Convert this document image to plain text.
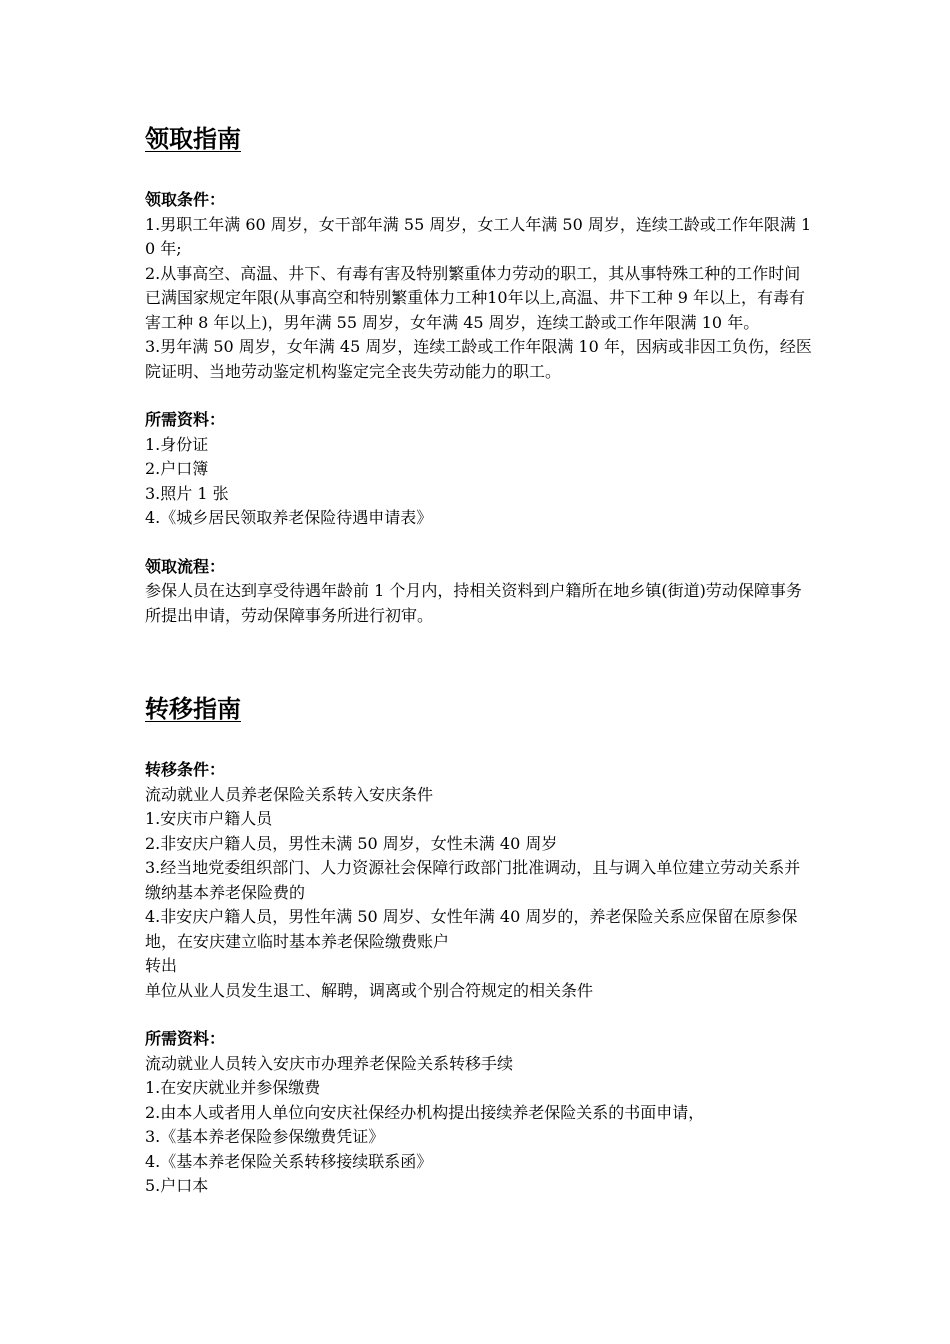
领取指南
领取条件：
1.男职工年满 60 周岁，女干部年满 55 周岁，女工人年满 50 周岁，连续工龄或工作年限满 10 年;
2.从事高空、高温、井下、有毒有害及特别繁重体力劳动的职工，其从事特殊工种的工作时间已满国家规定年限(从事高空和特别繁重体力工种10年以上,高温、井下工种 9 年以上，有毒有害工种 8 年以上)，男年满 55 周岁，女年满 45 周岁，连续工龄或工作年限满 10 年。
3.男年满 50 周岁，女年满 45 周岁，连续工龄或工作年限满 10 年，因病或非因工负伤，经医院证明、当地劳动鉴定机构鉴定完全丧失劳动能力的职工。
所需资料：
1.身份证
2.户口簿
3.照片 1 张
4.《城乡居民领取养老保险待遇申请表》
领取流程：
参保人员在达到享受待遇年龄前 1 个月内，持相关资料到户籍所在地乡镇(街道)劳动保障事务所提出申请，劳动保障事务所进行初审。
转移指南
转移条件：
流动就业人员养老保险关系转入安庆条件
1.安庆市户籍人员
2.非安庆户籍人员，男性未满 50 周岁，女性未满 40 周岁
3.经当地党委组织部门、人力资源社会保障行政部门批准调动，且与调入单位建立劳动关系并缴纳基本养老保险费的
4.非安庆户籍人员，男性年满 50 周岁、女性年满 40 周岁的，养老保险关系应保留在原参保地，在安庆建立临时基本养老保险缴费账户
转出
单位从业人员发生退工、解聘，调离或个别合符规定的相关条件
所需资料：
流动就业人员转入安庆市办理养老保险关系转移手续
1.在安庆就业并参保缴费
2.由本人或者用人单位向安庆社保经办机构提出接续养老保险关系的书面申请，
3.《基本养老保险参保缴费凭证》
4.《基本养老保险关系转移接续联系函》
5.户口本
